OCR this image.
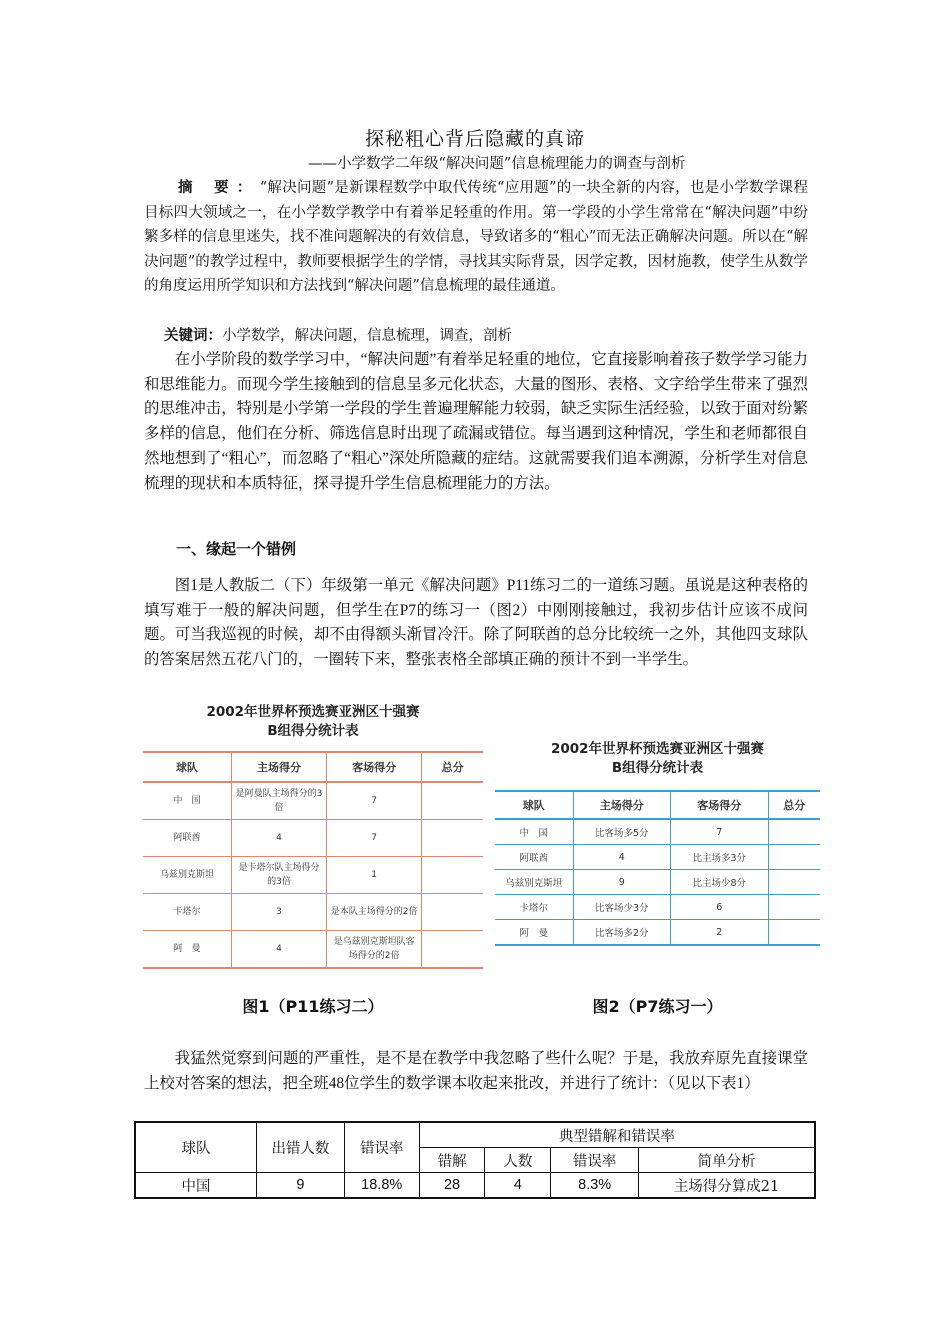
探秘粗心背后隐藏的真谛
——小学数学二年级“解决问题”信息梳理能力的调查与剖析
摘 要：“解决问题”是新课程数学中取代传统“应用题”的一块全新的内容，也是小学数学课程目标四大领域之一，在小学数学教学中有着举足轻重的作用。第一学段的小学生常常在“解决问题”中纷繁多样的信息里迷失，找不准问题解决的有效信息，导致诸多的“粗心”而无法正确解决问题。所以在“解决问题”的教学过程中，教师要根据学生的学情，寻找其实际背景，因学定教，因材施教，使学生从数学的角度运用所学知识和方法找到“解决问题”信息梳理的最佳通道。
关键词：小学数学，解决问题，信息梳理，调查，剖析

在小学阶段的数学学习中，“解决问题”有着举足轻重的地位，它直接影响着孩子数学学习能力和思维能力。而现今学生接触到的信息呈多元化状态，大量的图形、表格、文字给学生带来了强烈的思维冲击，特别是小学第一学段的学生普遍理解能力较弱，缺乏实际生活经验，以致于面对纷繁多样的信息，他们在分析、筛选信息时出现了疏漏或错位。每当遇到这种情况，学生和老师都很自然地想到了“粗心”，而忽略了“粗心”深处所隐藏的症结。这就需要我们追本溯源，分析学生对信息梳理的现状和本质特征，探寻提升学生信息梳理能力的方法。

一、缘起一个错例

图1是人教版二（下）年级第一单元《解决问题》P11练习二的一道练习题。虽说是这种表格的填写难于一般的解决问题，但学生在P7的练习一（图2）中刚刚接触过，我初步估计应该不成问题。可当我巡视的时候，却不由得额头渐冒冷汗。除了阿联酋的总分比较统一之外，其他四支球队的答案居然五花八门的，一圈转下来，整张表格全部填正确的预计不到一半学生。

2002年世界杯预选赛亚洲区十强赛
B组得分统计表
球队	主场得分	客场得分	总分
中　国	是阿曼队主场得分的3倍	7	
阿联酋	4	7	
乌兹别克斯坦	是卡塔尔队主场得分的3倍	1	
卡塔尔	3	是本队主场得分的2倍	
阿　曼	4	是乌兹别克斯坦队客场得分的2倍	
2002年世界杯预选赛亚洲区十强赛
B组得分统计表
球队	主场得分	客场得分	总分
中　国	比客场多5分	7	
阿联酋	4	比主场多3分	
乌兹别克斯坦	9	比主场少8分	
卡塔尔	比客场少3分	6	
阿　曼	比客场多2分	2	
图1（P11练习二）	图2（P7练习一）

我猛然觉察到问题的严重性，是不是在教学中我忽略了些什么呢？于是，我放弃原先直接课堂上校对答案的想法，把全班48位学生的数学课本收起来批改，并进行了统计：（见以下表1）

球队	出错人数	错误率	典型错解和错误率			
			错解	人数	错误率	简单分析
中国	9	18.8%	28	4	8.3%	主场得分算成21
